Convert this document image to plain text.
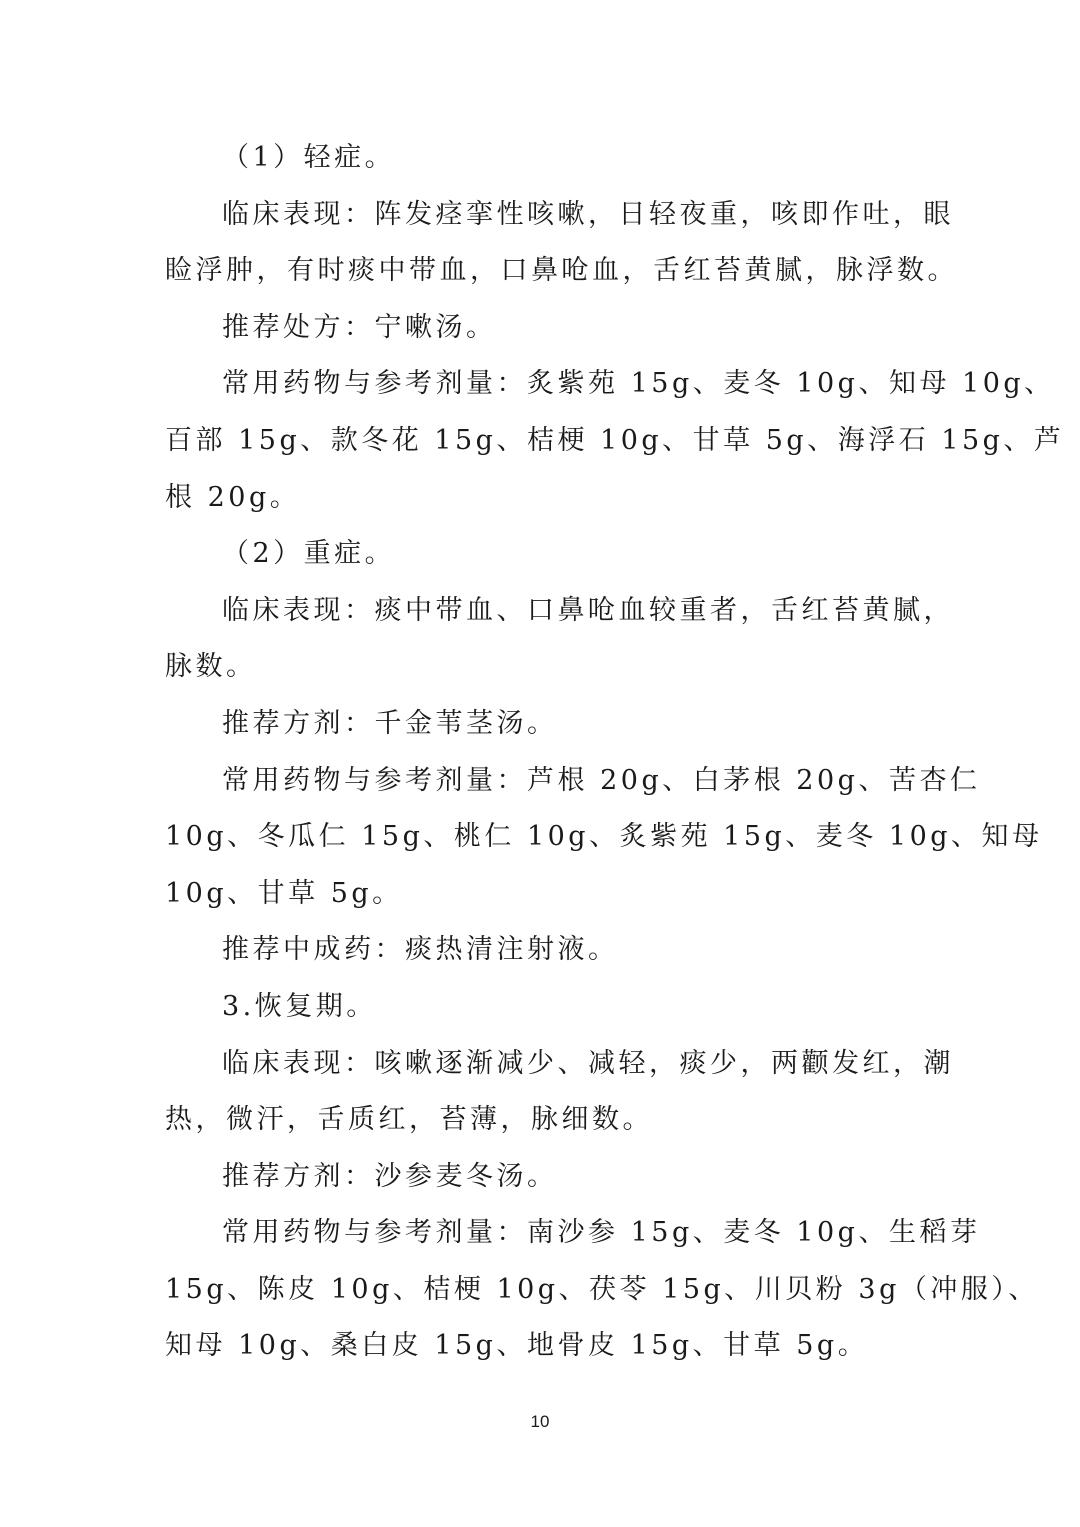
（1）轻症。
临床表现：阵发痉挛性咳嗽，日轻夜重，咳即作吐，眼
睑浮肿，有时痰中带血，口鼻呛血，舌红苔黄腻，脉浮数。
推荐处方：宁嗽汤。
常用药物与参考剂量：炙紫苑 15g、麦冬 10g、知母 10g、
百部 15g、款冬花 15g、桔梗 10g、甘草 5g、海浮石 15g、芦
根 20g。
（2）重症。
临床表现：痰中带血、口鼻呛血较重者，舌红苔黄腻，
脉数。
推荐方剂：千金苇茎汤。
常用药物与参考剂量：芦根 20g、白茅根 20g、苦杏仁
10g、冬瓜仁 15g、桃仁 10g、炙紫苑 15g、麦冬 10g、知母
10g、甘草 5g。
推荐中成药：痰热清注射液。
3.恢复期。
临床表现：咳嗽逐渐减少、减轻，痰少，两颧发红，潮
热，微汗，舌质红，苔薄，脉细数。
推荐方剂：沙参麦冬汤。
常用药物与参考剂量：南沙参 15g、麦冬 10g、生稻芽
15g、陈皮 10g、桔梗 10g、茯苓 15g、川贝粉 3g（冲服）、
知母 10g、桑白皮 15g、地骨皮 15g、甘草 5g。
10
